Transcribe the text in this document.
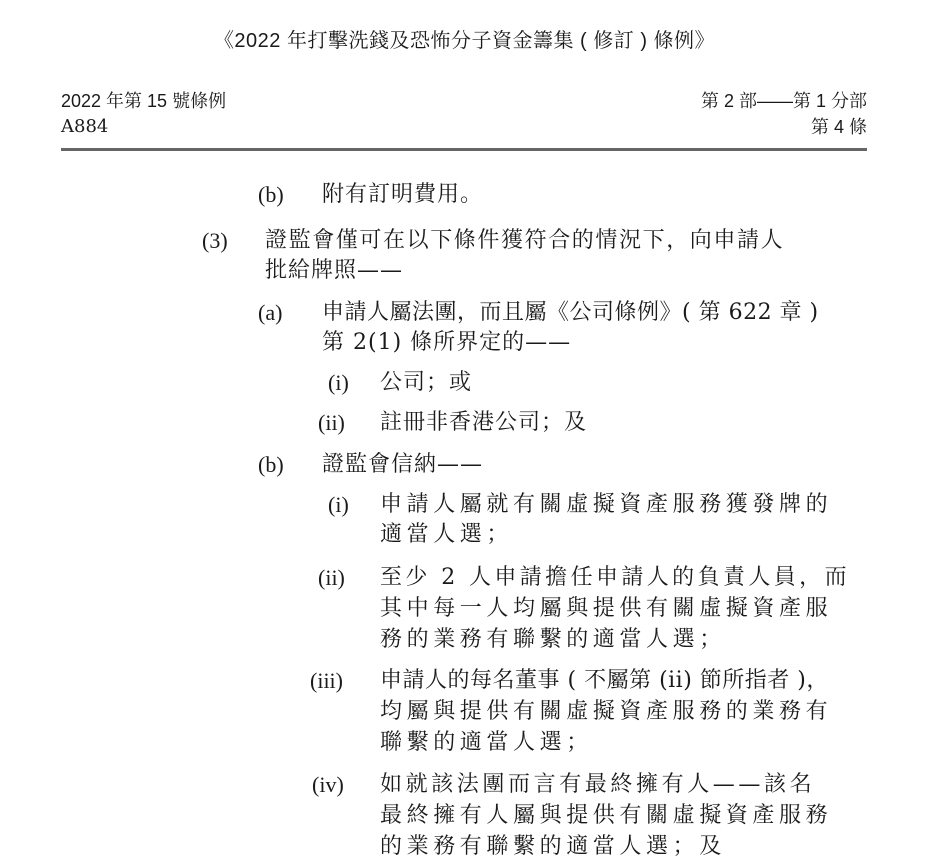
《2022 年打擊洗錢及恐怖分子資金籌集 ( 修訂 ) 條例》
2022 年第 15 號條例
A884
第 2 部——第 1 分部
第 4 條
(b) 附有訂明費用。
(3) 證監會僅可在以下條件獲符合的情況下，向申請人
批給牌照——
(a) 申請人屬法團，而且屬《公司條例》( 第 622 章 )
第 2(1) 條所界定的——
(i) 公司；或
(ii) 註冊非香港公司；及
(b) 證監會信納——
(i) 申請人屬就有關虛擬資產服務獲發牌的
適當人選；
(ii) 至少 2 人申請擔任申請人的負責人員，而
其中每一人均屬與提供有關虛擬資產服
務的業務有聯繫的適當人選；
(iii) 申請人的每名董事 ( 不屬第 (ii) 節所指者 )，
均屬與提供有關虛擬資產服務的業務有
聯繫的適當人選；
(iv) 如就該法團而言有最終擁有人——該名
最終擁有人屬與提供有關虛擬資產服務
的業務有聯繫的適當人選；及
